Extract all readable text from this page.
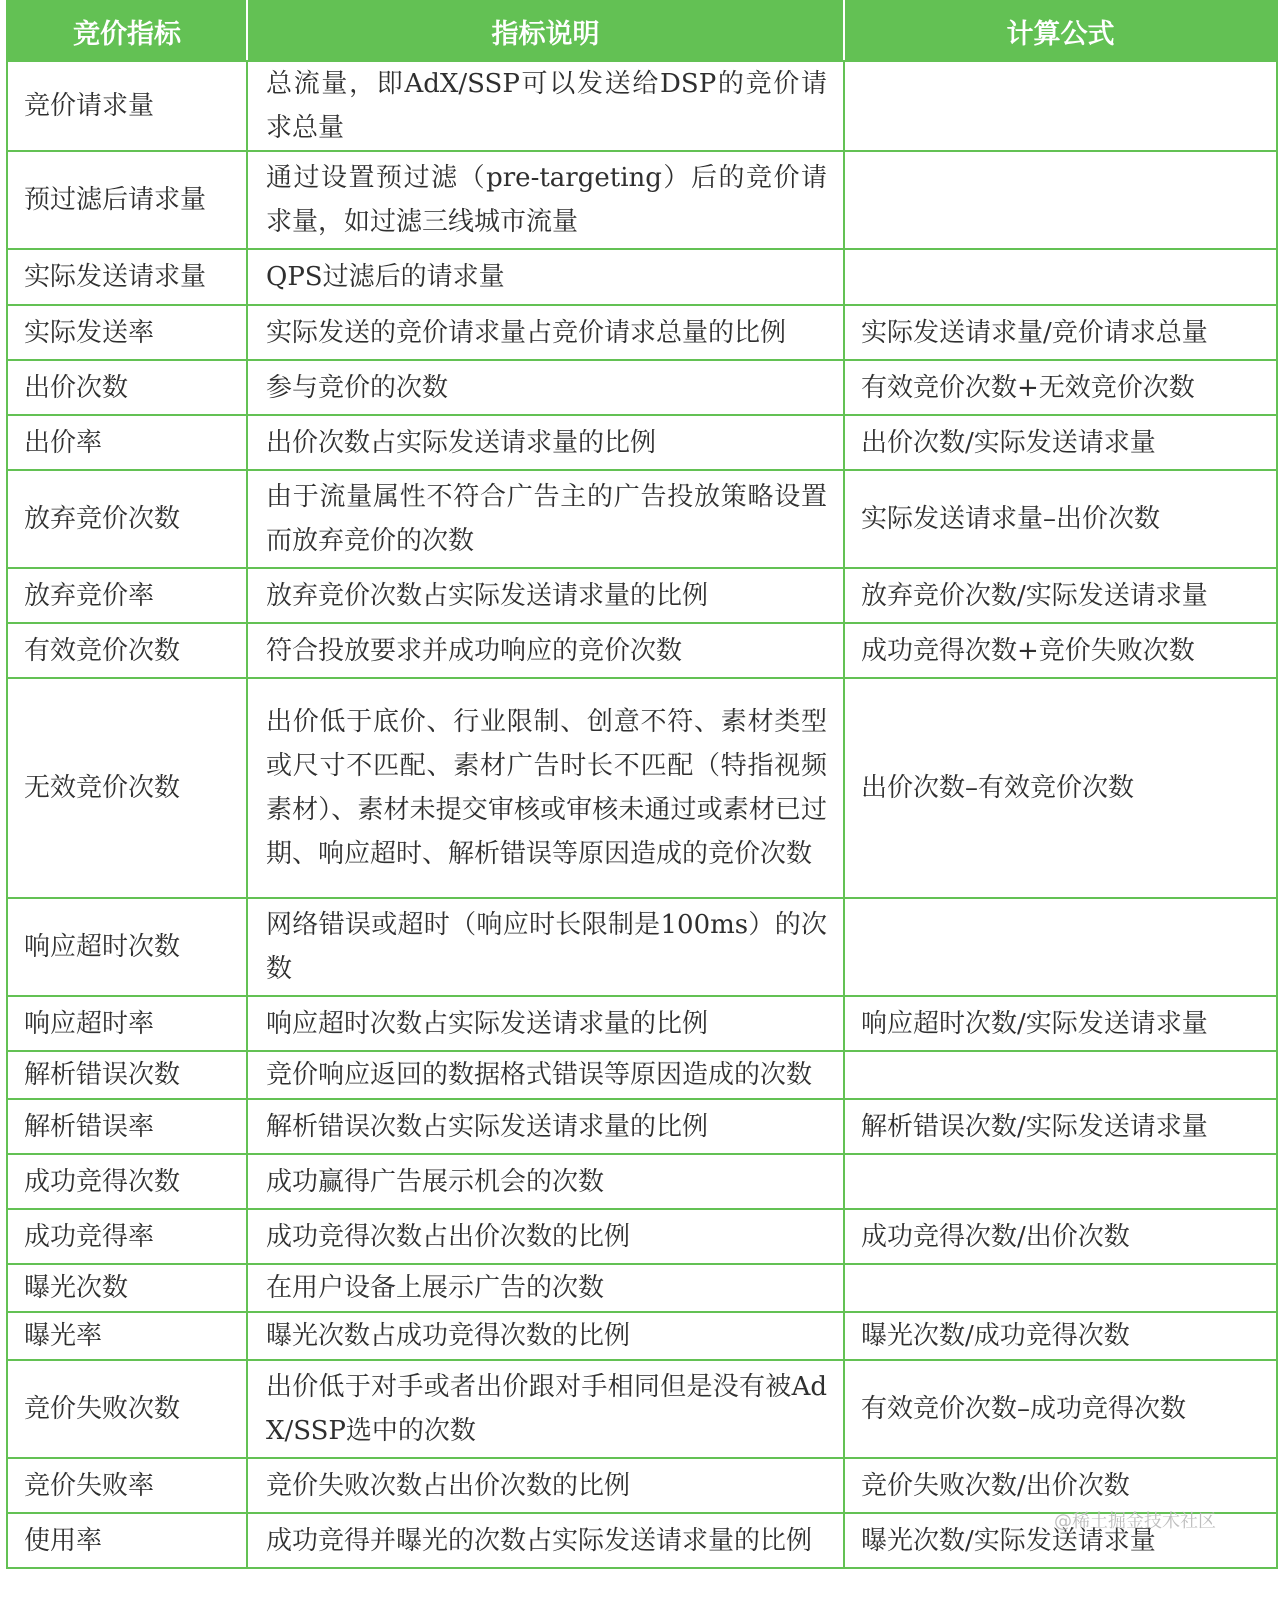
竞价指标	指标说明	计算公式

竞价请求量	总流量，即AdX/SSP可以发送给DSP的竞价请求总量	

预过滤后请求量	通过设置预过滤（pre-targeting）后的竞价请求量，如过滤三线城市流量	

实际发送请求量	QPS过滤后的请求量	

实际发送率	实际发送的竞价请求量占竞价请求总量的比例	实际发送请求量/竞价请求总量

出价次数	参与竞价的次数	有效竞价次数+无效竞价次数

出价率	出价次数占实际发送请求量的比例	出价次数/实际发送请求量

放弃竞价次数	由于流量属性不符合广告主的广告投放策略设置而放弃竞价的次数	实际发送请求量–出价次数

放弃竞价率	放弃竞价次数占实际发送请求量的比例	放弃竞价次数/实际发送请求量

有效竞价次数	符合投放要求并成功响应的竞价次数	成功竞得次数+竞价失败次数

无效竞价次数	出价低于底价、行业限制、创意不符、素材类型或尺寸不匹配、素材广告时长不匹配（特指视频素材）、素材未提交审核或审核未通过或素材已过期、响应超时、解析错误等原因造成的竞价次数	出价次数–有效竞价次数

响应超时次数	网络错误或超时（响应时长限制是100ms）的次数	

响应超时率	响应超时次数占实际发送请求量的比例	响应超时次数/实际发送请求量

解析错误次数	竞价响应返回的数据格式错误等原因造成的次数	

解析错误率	解析错误次数占实际发送请求量的比例	解析错误次数/实际发送请求量

成功竞得次数	成功赢得广告展示机会的次数	

成功竞得率	成功竞得次数占出价次数的比例	成功竞得次数/出价次数

曝光次数	在用户设备上展示广告的次数	

曝光率	曝光次数占成功竞得次数的比例	曝光次数/成功竞得次数

竞价失败次数	出价低于对手或者出价跟对手相同但是没有被AdX/SSP选中的次数	有效竞价次数–成功竞得次数

竞价失败率	竞价失败次数占出价次数的比例	竞价失败次数/出价次数

使用率	成功竞得并曝光的次数占实际发送请求量的比例	曝光次数/实际发送请求量
@稀土掘金技术社区
